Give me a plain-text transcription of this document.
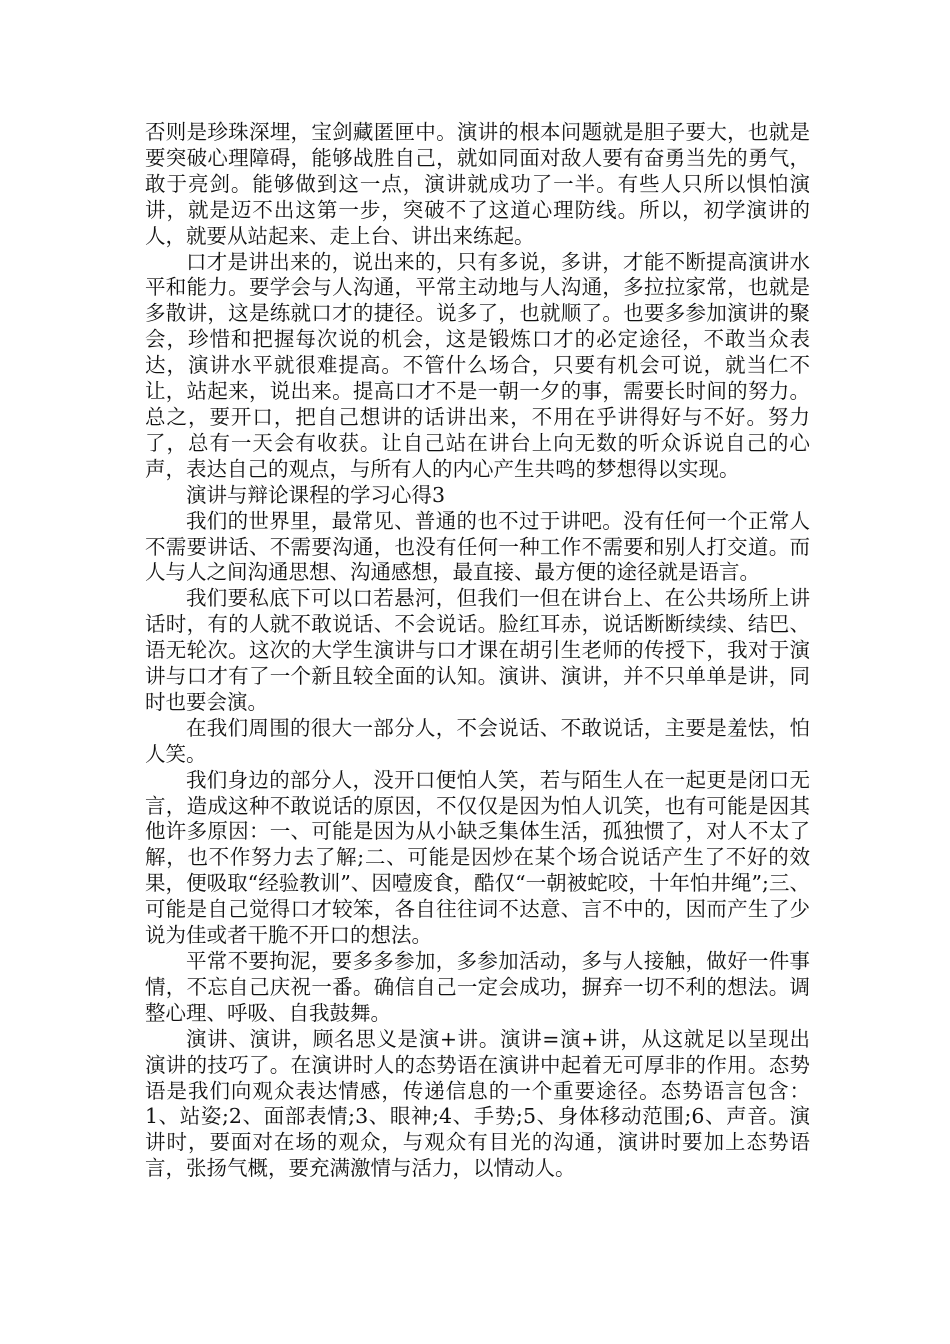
否则是珍珠深埋，宝剑藏匿匣中。演讲的根本问题就是胆子要大，也就是要突破心理障碍，能够战胜自己，就如同面对敌人要有奋勇当先的勇气，敢于亮剑。能够做到这一点，演讲就成功了一半。有些人只所以惧怕演讲，就是迈不出这第一步，突破不了这道心理防线。所以，初学演讲的人，就要从站起来、走上台、讲出来练起。

口才是讲出来的，说出来的，只有多说，多讲，才能不断提高演讲水平和能力。要学会与人沟通，平常主动地与人沟通，多拉拉家常，也就是多散讲，这是练就口才的捷径。说多了，也就顺了。也要多参加演讲的聚会，珍惜和把握每次说的机会，这是锻炼口才的必定途径，不敢当众表达，演讲水平就很难提高。不管什么场合，只要有机会可说，就当仁不让，站起来，说出来。提高口才不是一朝一夕的事，需要长时间的努力。总之，要开口，把自己想讲的话讲出来，不用在乎讲得好与不好。努力了，总有一天会有收获。让自己站在讲台上向无数的听众诉说自己的心声，表达自己的观点，与所有人的内心产生共鸣的梦想得以实现。

演讲与辩论课程的学习心得3

我们的世界里，最常见、普通的也不过于讲吧。没有任何一个正常人不需要讲话、不需要沟通，也没有任何一种工作不需要和别人打交道。而人与人之间沟通思想、沟通感想，最直接、最方便的途径就是语言。

我们要私底下可以口若悬河，但我们一但在讲台上、在公共场所上讲话时，有的人就不敢说话、不会说话。脸红耳赤，说话断断续续、结巴、语无轮次。这次的大学生演讲与口才课在胡引生老师的传授下，我对于演讲与口才有了一个新且较全面的认知。演讲、演讲，并不只单单是讲，同时也要会演。

在我们周围的很大一部分人，不会说话、不敢说话，主要是羞怯，怕人笑。

我们身边的部分人，没开口便怕人笑，若与陌生人在一起更是闭口无言，造成这种不敢说话的原因，不仅仅是因为怕人讥笑，也有可能是因其他许多原因：一、可能是因为从小缺乏集体生活，孤独惯了，对人不太了解，也不作努力去了解;二、可能是因炒在某个场合说话产生了不好的效果，便吸取“经验教训”、因噎废食，酷仅“一朝被蛇咬，十年怕井绳”;三、可能是自己觉得口才较笨，各自往往词不达意、言不中的，因而产生了少说为佳或者干脆不开口的想法。

平常不要拘泥，要多多参加，多参加活动，多与人接触，做好一件事情，不忘自己庆祝一番。确信自己一定会成功，摒弃一切不利的想法。调整心理、呼吸、自我鼓舞。

演讲、演讲，顾名思义是演+讲。演讲=演+讲，从这就足以呈现出演讲的技巧了。在演讲时人的态势语在演讲中起着无可厚非的作用。态势语是我们向观众表达情感，传递信息的一个重要途径。态势语言包含：1、站姿;2、面部表情;3、眼神;4、手势;5、身体移动范围;6、声音。演讲时，要面对在场的观众，与观众有目光的沟通，演讲时要加上态势语言，张扬气概，要充满激情与活力，以情动人。
